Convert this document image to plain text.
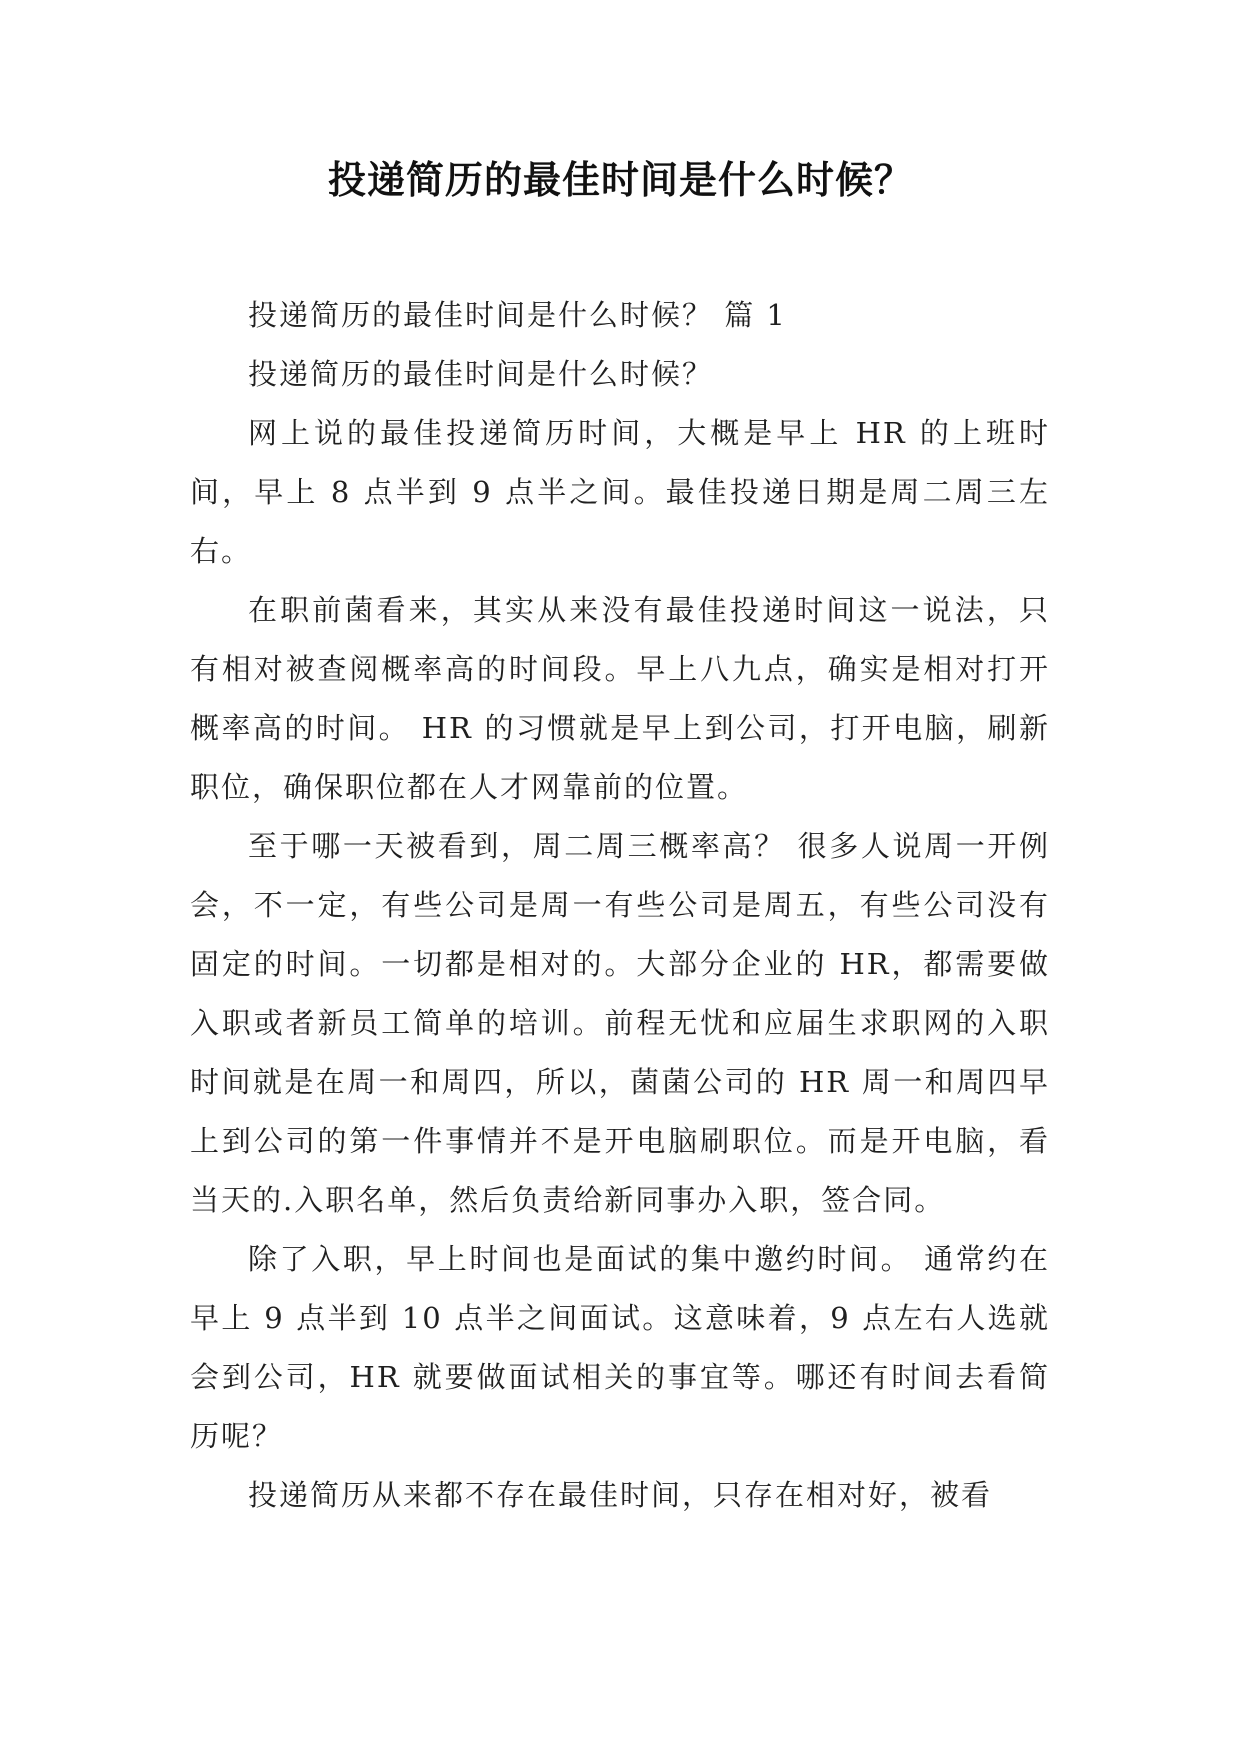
投递简历的最佳时间是什么时候？

投递简历的最佳时间是什么时候？ 篇 1

投递简历的最佳时间是什么时候？

网上说的最佳投递简历时间，大概是早上 HR 的上班时间，早上 8 点半到 9 点半之间。最佳投递日期是周二周三左右。

在职前菌看来，其实从来没有最佳投递时间这一说法，只有相对被查阅概率高的时间段。早上八九点，确实是相对打开概率高的时间。 HR 的习惯就是早上到公司，打开电脑，刷新职位，确保职位都在人才网靠前的位置。

至于哪一天被看到，周二周三概率高？ 很多人说周一开例会，不一定，有些公司是周一有些公司是周五，有些公司没有固定的时间。一切都是相对的。大部分企业的 HR，都需要做入职或者新员工简单的培训。前程无忧和应届生求职网的入职时间就是在周一和周四，所以，菌菌公司的 HR 周一和周四早上到公司的第一件事情并不是开电脑刷职位。而是开电脑，看当天的.入职名单，然后负责给新同事办入职，签合同。

除了入职，早上时间也是面试的集中邀约时间。 通常约在早上 9 点半到 10 点半之间面试。这意味着，9 点左右人选就会到公司，HR 就要做面试相关的事宜等。哪还有时间去看简历呢？

投递简历从来都不存在最佳时间，只存在相对好，被看
